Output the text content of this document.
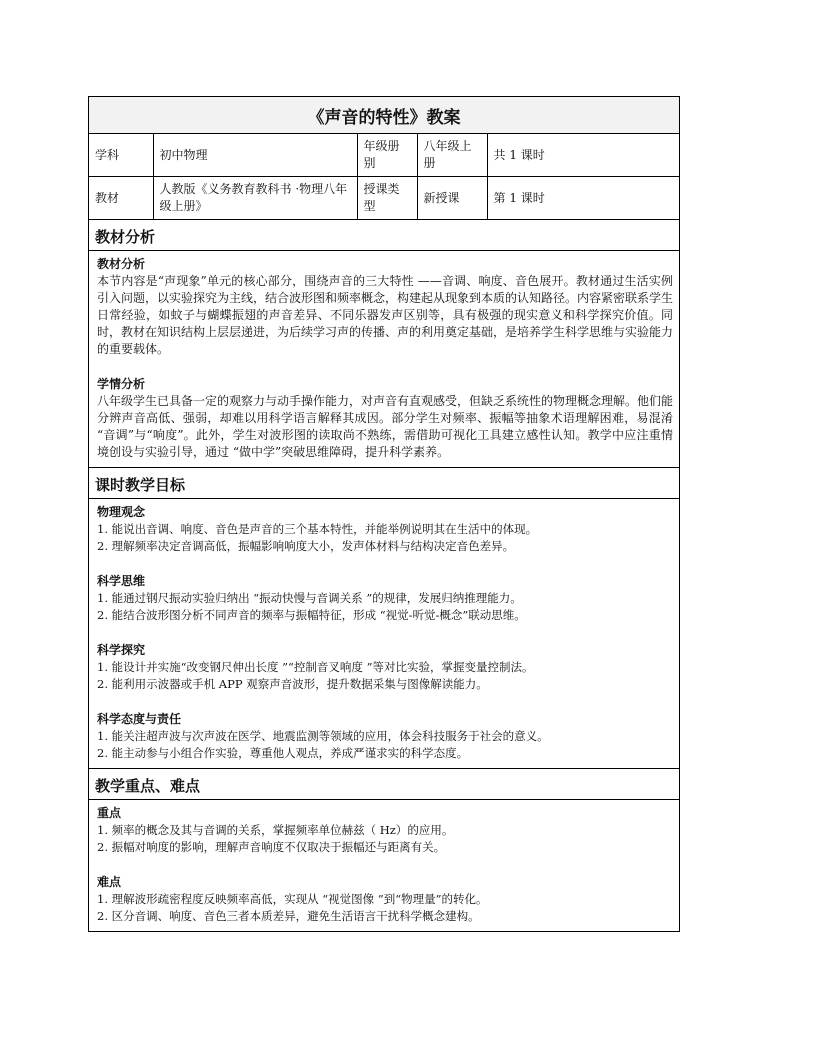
《声音的特性》教案
学科	初中物理	年级册别	八年级上册	共 1 课时
教材	人教版《义务教育教科书 ·物理八年级上册》	授课类型	新授课	第 1 课时
教材分析
教材分析

本节内容是“声现象”单元的核心部分，围绕声音的三大特性 ——音调、响度、音色展开。教材通过生活实例引入问题，以实验探究为主线，结合波形图和频率概念，构建起从现象到本质的认知路径。内容紧密联系学生日常经验，如蚊子与蝴蝶振翅的声音差异、不同乐器发声区别等，具有极强的现实意义和科学探究价值。同时，教材在知识结构上层层递进，为后续学习声的传播、声的利用奠定基础，是培养学生科学思维与实验能力的重要载体。

学情分析

八年级学生已具备一定的观察力与动手操作能力，对声音有直观感受，但缺乏系统性的物理概念理解。他们能分辨声音高低、强弱，却难以用科学语言解释其成因。部分学生对频率、振幅等抽象术语理解困难，易混淆 “音调”与“响度”。此外，学生对波形图的读取尚不熟练，需借助可视化工具建立感性认知。教学中应注重情境创设与实验引导，通过 “做中学”突破思维障碍，提升科学素养。

课时教学目标
物理观念

1. 能说出音调、响度、音色是声音的三个基本特性，并能举例说明其在生活中的体现。

2. 理解频率决定音调高低，振幅影响响度大小，发声体材料与结构决定音色差异。

科学思维

1. 能通过钢尺振动实验归纳出 “振动快慢与音调关系 ”的规律，发展归纳推理能力。

2. 能结合波形图分析不同声音的频率与振幅特征，形成 “视觉-听觉-概念”联动思维。

科学探究

1. 能设计并实施“改变钢尺伸出长度 ”“控制音叉响度 ”等对比实验，掌握变量控制法。

2. 能利用示波器或手机 APP 观察声音波形，提升数据采集与图像解读能力。

科学态度与责任

1. 能关注超声波与次声波在医学、地震监测等领域的应用，体会科技服务于社会的意义。

2. 能主动参与小组合作实验，尊重他人观点，养成严谨求实的科学态度。

教学重点、难点
重点

1. 频率的概念及其与音调的关系，掌握频率单位赫兹（ Hz）的应用。

2. 振幅对响度的影响，理解声音响度不仅取决于振幅还与距离有关。

难点

1. 理解波形疏密程度反映频率高低，实现从 “视觉图像 ”到“物理量”的转化。

2. 区分音调、响度、音色三者本质差异，避免生活语言干扰科学概念建构。
